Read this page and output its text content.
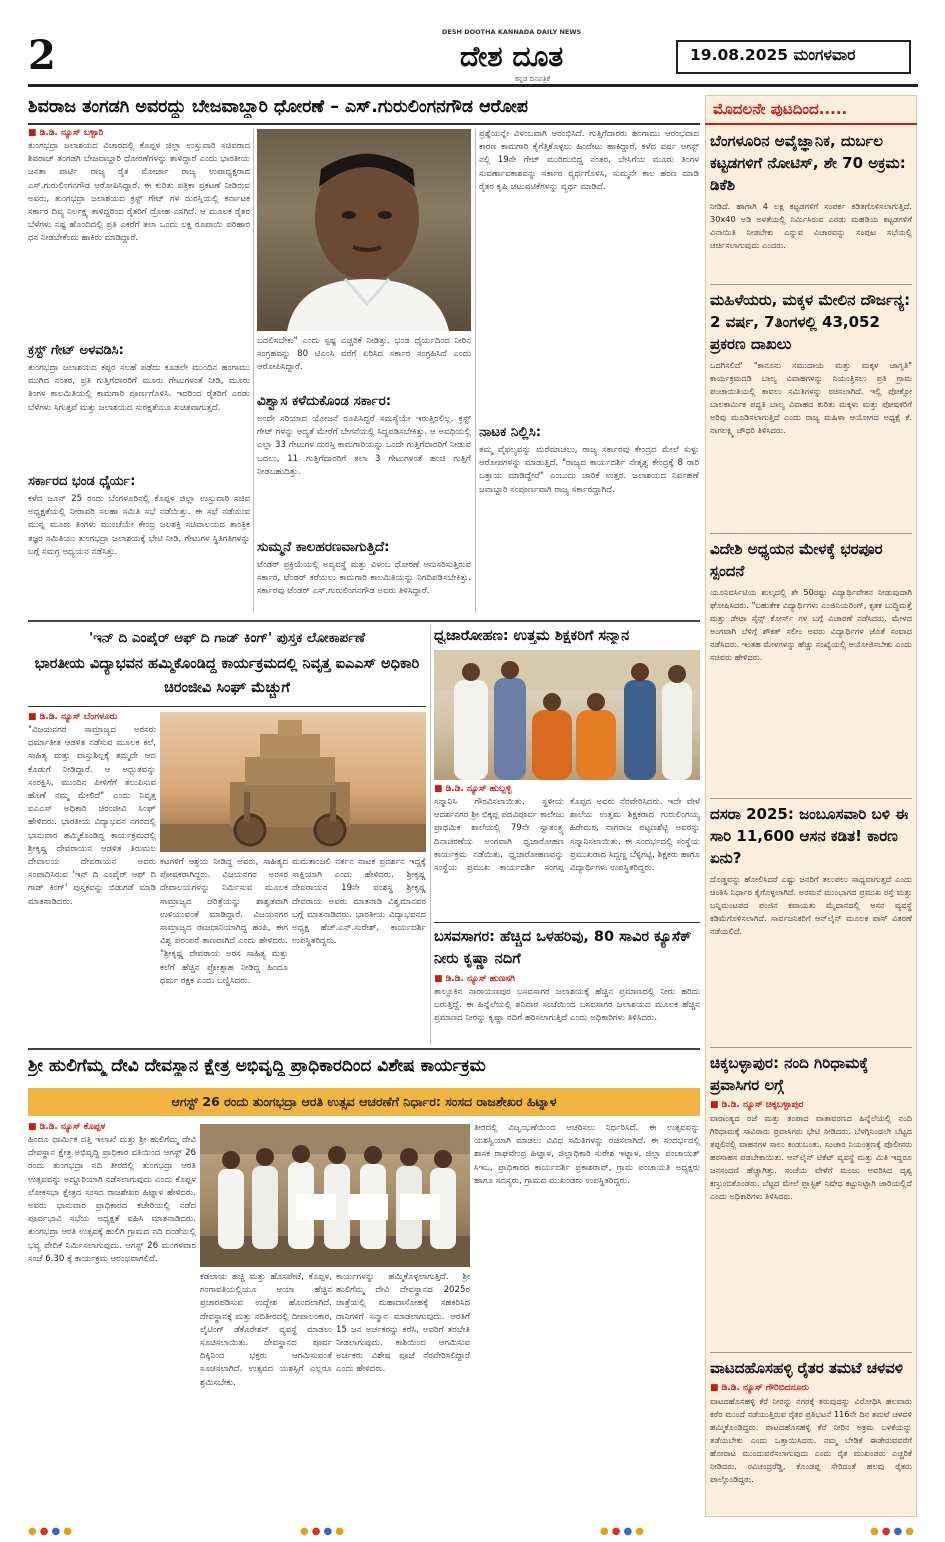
2	DESH DOOTHA KANNADA DAILY NEWS
ದೇಶ ದೂತ
ಕನ್ನಡ ದಿನಪತ್ರಿಕೆ
19.08.2025 ಮಂಗಳವಾರ
ಶಿವರಾಜ ತಂಗಡಗಿ ಅವರದ್ದು ಬೇಜವಾಬ್ದಾರಿ ಧೋರಣೆ – ಎಸ್.ಗುರುಲಿಂಗನಗೌಡ ಆರೋಪ
■ ಡಿ.ಡಿ. ನ್ಯೂಸ್ ಬಳ್ಳಾರಿ
ತುಂಗಭದ್ರಾ ಜಲಾಶಯದ ವಿಚಾರದಲ್ಲಿ ಕೊಪ್ಪಳ ಜಿಲ್ಲಾ ಉಸ್ತುವಾರಿ ಸಚಿವರಾದ ಶಿವರಾಜ್ ತಂಗಡಗಿ ಬೇಜವಾಬ್ದಾರಿ ಧೋರಣೆಗಳನ್ನು ತಾಳಿದ್ದಾರೆ ಎಂದು ಭಾರತೀಯ ಜನತಾ ಪಾರ್ಟಿ ರಾಜ್ಯ ರೈತ ಮೋರ್ಚಾ ರಾಜ್ಯ ಉಪಾಧ್ಯಕ್ಷರಾದ ಎಸ್.ಗುರುಲಿಂಗನಗೌಡ ಆರೋಪಿಸಿದ್ದಾರೆ. ಈ ಕುರಿತು ಪತ್ರಿಕಾ ಪ್ರಕಟಣೆ ನೀಡಿರುವ ಅವರು, ತುಂಗಭದ್ರಾ ಜಲಾಶಯದ ಕ್ರಸ್ಟ್ ಗೇಟ್ ಗಳ ದುರಸ್ತಿಯಲ್ಲಿ ಕರ್ನಾಟಕ ಸರ್ಕಾರ ದಿವ್ಯ ನಿರ್ಲಕ್ಷ್ಯ ತಾಳಿದ್ದರಿಂದ ರೈತರಿಗೆ ದ್ರೋಹ ಎಸಗಿದೆ. ಆ ಮೂಲಕ ರೈತರ ಬೆಳೆಗಳು ನಷ್ಟ ಹೊಂದಿದಲ್ಲಿ ಪ್ರತಿ ಎಕರೆಗೆ ತಲಾ ಒಂದು ಲಕ್ಷ ರೂಪಾಯಿ ಪರಿಹಾರ ಧನ ನೀಡಬೇಕೆಂದು ಹಾಕಿರು ಮಾಡಿದ್ದಾರೆ.
ಕ್ರಸ್ಟ್ ಗೇಟ್ ಅಳವಡಿಸಿ:
ತುಂಗಭದ್ರಾ ಜಲಾಶಯದ ಕಪ್ಪರ ಸಲಹೆ ಪಡೆದು ಕೂಡಲೇ ಮುಂದಿನ ಹಂಗಾಮು ಮುಗಿದ ನಂತರ, ಪ್ರತಿ ಗುತ್ತಿಗೆದಾರರಿಗೆ ಮೂರು ಗೇಟುಗಳಂತೆ ನೀಡಿ, ಮೂರು ತಿಂಗಳ ಕಾಲಮಿತಿಯಲ್ಲಿ ಕಾಮಗಾರಿ ಪೂರ್ಣಗೊಳಿಸಿ. ಇದರಿಂದ ರೈತರಿಗೆ ಎರಡು ಬೆಳೆಗಳು ಸಿಗುತ್ತವೆ ಮತ್ತು ಜಲಾಶಯದ ಸುರಕ್ಷತೆಯೂ ಖಚಿತವಾಗುತ್ತದೆ.
ಸರ್ಕಾರದ ಭಂಡ ಧೈರ್ಯ:
ಕಳೆದ ಜೂನ್ 25 ರಂದು ಬೆಂಗಳೂರಿನಲ್ಲಿ ಕೊಪ್ಪಳ ಜಿಲ್ಲಾ ಉಸ್ತುವಾರಿ ಸಚಿವ ಅಧ್ಯಕ್ಷತೆಯಲ್ಲಿ ನೀರಾವರಿ ಸಲಹಾ ಸಮಿತಿ ಸಭೆ ನಡೆಯಿತ್ತು. ಈ ಸಭೆ ನಡೆಯುವ ಮುನ್ನ ಮೂರು ತಿಂಗಳು ಮುಂಚೆಯೇ ಕೇಂದ್ರ ಜಲಶಕ್ತಿ ಸಚಿವಾಲಯದ ತಾಂತ್ರಿಕ ತಜ್ಞರ ಸಮಿತಿಯು ತುಂಗಭದ್ರಾ ಜಲಾಶಯಕ್ಕೆ ಭೇಟಿ ನೀಡಿ, ಗೇಟುಗಳ ಸ್ಥಿತಿಗತಿಗಳನ್ನು ಬಗ್ಗೆ ಸಮಗ್ರ ಅಧ್ಯಯನ ನಡೆಸಿತ್ತು.
ಬದಲಿಸಬೇಕು" ಎಂದು ಸ್ಪಷ್ಟ ಎಚ್ಚರಿಕೆ ನೀಡಿತ್ತು. ಭಂಡ ಧೈರ್ಯದಿಂದ ನೀರಿನ ಸಂಗ್ರಹವನ್ನು 80 ಟಿಎಂಸಿ ವರೆಗೆ ಏರಿಸಿದ ಸರ್ಕಾರ ಸಂಗ್ರಹಿಸಿದೆ ಎಂದು ಆರೋಪಿಸಿದ್ದಾರೆ.
ವಿಶ್ವಾಸ ಕಳೆದುಕೊಂಡ ಸರ್ಕಾರ:
ಅಂದೇ ಸರಿಯಾದ ಯೋಜನೆ ರೂಪಿಸಿದ್ದರೆ ಸಮಸ್ಯೆಯೇ ಇರುತ್ತಿರಲಿಲ್ಲ. ಕ್ರಸ್ಟ್ ಗೇಟ್ ಗಳನ್ನು ಆದ್ಯತೆ ಮೇರೆಗೆ ಬೇಗನೆಯಲ್ಲಿ ಸಿದ್ಧಪಡಿಸಬೇಕಿತ್ತು. ಆ ಅವಧಿಯಲ್ಲಿ ಎಲ್ಲಾ 33 ಗೇಟುಗಳ ದುರಸ್ತಿ ಕಾಮಗಾರಿಯನ್ನು ಒಂದೇ ಗುತ್ತಿಗೆದಾರರಿಗೆ ನೀಡುವ ಬದಲು, 11 ಗುತ್ತಿಗೆದಾರರಿಗೆ ತಲಾ 3 ಗೇಟುಗಳಂತೆ ಹಂಚಿ ಗುತ್ತಿಗೆ ನೀಡಬಹುದಿತ್ತು.
ಸುಮ್ಮನೆ ಕಾಲಹರಣವಾಗುತ್ತಿದೆ:
ಟೆಂಡರ್ ಪ್ರಕ್ರಿಯೆಯಲ್ಲಿ ಅವ್ಯವಸ್ಥೆ ಮತ್ತು ವಿಳಂಬ ಧೋರಣೆ ಅನುಸರಿಸುತ್ತಿರುವ ಸರ್ಕಾರ, ಟೆಂಡರ್ ಕರೆಯಲು ಕಾಮಗಾರಿ ಕಾಲಮಿತಿಯನ್ನು ನಿಗದಿಪಡಿಸಬೇಕಿತ್ತು. ಸರ್ಕಾರವು ಟೆಂಡರ್ ಎಸ್.ಗುರುಲಿಂಗನಗೌಡ ಅವರು ತಿಳಿಸಿದ್ದಾರೆ.
ಪ್ರಶ್ನೆಯನ್ನೇ ವಿಳಂಬವಾಗಿ ಆರಂಭಿಸಿದೆ. ಗುತ್ತಿಗೆದಾರರು ಹಂಗಾಮು ಆರಂಭವಾದ ಕಾರಣ ಕಾಮಗಾರಿ ಕೈಗೆತ್ತಿಕೊಳ್ಳಲು ಹಿಂದೇಟು ಹಾಕಿದ್ದಾರೆ. ಕಳೆದ ವರ್ಷ ಆಗಸ್ಟ್ ನಲ್ಲಿ 19ನೇ ಗೇಟ್ ಮುರಿದುಬಿದ್ದ ನಂತರ, ಬೇಸಿಗೆಯ ಮೂರು ತಿಂಗಳ ಸುವರ್ಣಾವಕಾಶವನ್ನು ಸರ್ಕಾರ ವ್ಯರ್ಥಗೊಳಿಸಿ, ಸುಮ್ಮನೇ ಕಾಲ ಹರಣ ಮಾಡಿ ರೈತರ ಕೃಷಿ ಚಟುವಟಿಕೆಗಳನ್ನು ವ್ಯರ್ಥ ಮಾಡಿದೆ.
ನಾಟಕ ನಿಲ್ಲಿಸಿ:
ತಮ್ಮ ವೈಫಲ್ಯವನ್ನು ಮರೆಮಾಚಲು, ರಾಜ್ಯ ಸರ್ಕಾರವು ಕೇಂದ್ರದ ಮೇಲೆ ಸುಳ್ಳು ಆರೋಪಗಳನ್ನು ಮಾಡುತ್ತಿದೆ. "ರಾಜ್ಯದ ಕಾರ್ಯದರ್ಶಿ ನೇತೃತ್ವ ಕೇಂದ್ರಕ್ಕೆ 8 ರಾರಿ ಒತ್ತಾಯ ಮಾಡಿದ್ದೇವೆ" ಎಂಬುದು ಜಾರಿಕೆ ಉತ್ತರ. ಜಲಾಶಯದ ನಿರ್ವಹಣೆ ಜವಾಬ್ದಾರಿ ಸಂಪೂರ್ಣವಾಗಿ ರಾಜ್ಯ ಸರ್ಕಾರದ್ದಾಗಿದೆ.
ಮೊದಲನೇ ಪುಟದಿಂದ.....
ಬೆಂಗಳೂರಿನ ಅವೈಜ್ಞಾನಿಕ, ದುರ್ಬಲ ಕಟ್ಟಡಗಳಿಗೆ ನೋಟಿಸ್, ಶೇ 70 ಅಕ್ರಮ: ಡಿಕೆಶಿ
ನೀಡಿದೆ. ಹಾಗಾಗಿ 4 ಲಕ್ಷ ಕಟ್ಟಡಗಳಿಗೆ ಸಂಪರ್ಕ ಕಡಿತಗೊಳಿಸಲಾಗುತ್ತಿದೆ. 30x40 ಅಡಿ ಅಳತೆಯಲ್ಲಿ ನಿರ್ಮಿಸಿರುವ ಎರಡು ಮಹಡಿಯ ಕಟ್ಟಡಗಳಿಗೆ ವಿನಾಯಿತಿ ನೀಡಬೇಕು ಎನ್ನುವ ವಿಚಾರವನ್ನು ಸಂಪುಟ ಸಭೆಯಲ್ಲಿ ಚರ್ಚಿಸಲಾಗುವುದು ಎಂದರು.
ಮಹಿಳೆಯರು, ಮಕ್ಕಳ ಮೇಲಿನ ದೌರ್ಜನ್ಯ: 2 ವರ್ಷ, 7ತಿಂಗಳಲ್ಲಿ 43,052 ಪ್ರಕರಣ ದಾಖಲು
ಒದಗಿಸಲಿದೆ' "ಕಾನೂನು ಸಮುದಾಯ ಮತ್ತು ಮಕ್ಕಳ ಜಾಗೃತಿ" ಕಾರ್ಯಕ್ರಮದಡಿ ಬಾಲ್ಯ ವಿವಾಹಗಳನ್ನು ನಿಯಂತ್ರಿಸಲು ಪ್ರತಿ ಗ್ರಾಮ ಪಂಚಾಯಿತಿಯಲ್ಲಿ ಕಾವಲು ಸಮಿತಿಗಳನ್ನು ರಚಿಸಲಾಗಿದೆ. ಇಲ್ಲಿ ಪೋಕ್ಸೋ ಬಾಲಕಾರ್ಮಿಕ ಪದ್ಧತಿ ಬಾಲ್ಯ ವಿವಾಹದ ಕುರಿತು ಮಕ್ಕಳು ಮತ್ತು ಪೋಷಕರಿಗೆ ಅರಿವು ಮೂಡಿಸಲಾಗುತ್ತಿದೆ ಎಂದು ರಾಜ್ಯ ಮಹಿಳಾ ಆಯೋಗದ ಅಧ್ಯಕ್ಷೆ ಕೆ. ನಾಗಲಕ್ಷ್ಮಿ ಚೌಧರಿ ತಿಳಿಸಿದರು.
ವಿದೇಶಿ ಅಧ್ಯಯನ ಮೇಳಕ್ಕೆ ಭರಪೂರ ಸ್ಪಂದನೆ
ಯೂನಿವರ್ಸಿಟಿಯ ಶುಲ್ಕದಲ್ಲಿ ಶೇ 50ರಷ್ಟು ವಿದ್ಯಾರ್ಥಿವೇತನ ನೀಡುವುದಾಗಿ ಘೋಷಿಸಿದರು. "ಬಹುತೇಕ ವಿದ್ಯಾರ್ಥಿಗಳು ಎಂಜಿನಿಯರಿಂಗ್, ಕೃತಕ ಬುದ್ಧಿಮತ್ತೆ ಮತ್ತು ಡೇಟಾ ಸೈನ್ಸ್ ಕೋರ್ಸ್ ಗಳ ಬಗ್ಗೆ ವಿಚಾರಣೆ ನಡೆಸಿದರು. ಮೇಳದ ಅಂಗವಾಗಿ ಬೆಳಿಗ್ಗೆ ಶೌಕತ್ ಸಲೀಂ ಅವರು ವಿದ್ಯಾರ್ಥಿಗಳ ಜೊತೆ ಸಂವಾದ ನಡೆಸಿದರು. ಇಂತಹ ಮೇಳಗಳನ್ನು ಹೆಚ್ಚು ಸಂಖ್ಯೆಯಲ್ಲಿ ಆಯೋಜಿಸಬೇಕು ಎಂದು ಸಚಿವರು ಹೇಳಿದರು.
ದಸರಾ 2025: ಜಂಬೂಸವಾರಿ ಬಳಿ ಈ ಸಾರಿ 11,600 ಆಸನ ಕಡಿತ! ಕಾರಣ ಏನು?
ದೊಡ್ಡವನ್ನು ಹೋಲಿಸಿದರೆ ಎಷ್ಟು ಜನರಿಗೆ ತಲುಪಲು ಸಾಧ್ಯವಾಗುತ್ತದೆ ಎಂದು ಚಿಂತಿಸಿ ನಿರ್ಧಾರ ಕೈಗೊಳ್ಳಲಾಗಿದೆ. ಅರಮನೆ ಮುಂಭಾಗದ ಪ್ರಮುಖ ರಸ್ತೆ ಮತ್ತು ಬನ್ನಿಮಂಟಪದ ಪಂಜಿನ ಕವಾಯತು ಮೈದಾನದಲ್ಲಿ ಆಸನ ವ್ಯವಸ್ಥೆ ಕಡಿಮೆಗೊಳಿಸಲಾಗಿದೆ. ಸಾರ್ವಜನಿಕರಿಗೆ ಆನ್‌ಲೈನ್ ಮೂಲಕ ಪಾಸ್ ವಿತರಣೆ ನಡೆಯಲಿದೆ.
ಚಿಕ್ಕಬಳ್ಳಾಪುರ: ನಂದಿ ಗಿರಿಧಾಮಕ್ಕೆ ಪ್ರವಾಸಿಗರ ಲಗ್ಗೆ
■ ಡಿ.ಡಿ. ನ್ಯೂಸ್ ಚಿಕ್ಕಬಳ್ಳಾಪುರ
ವಾರಾಂತ್ಯದ ರಜೆ ಮತ್ತು ತಂಪಾದ ವಾತಾವರಣದ ಹಿನ್ನೆಲೆಯಲ್ಲಿ ನಂದಿ ಗಿರಿಧಾಮಕ್ಕೆ ಸಾವಿರಾರು ಪ್ರವಾಸಿಗರು ಭೇಟಿ ನೀಡಿದರು. ಬೆಳಗ್ಗಿನಿಂದಲೇ ಬೆಟ್ಟದ ತಪ್ಪಲಿನಲ್ಲಿ ವಾಹನಗಳ ಸಾಲು ಕಂಡುಬಂತು. ಸಂಚಾರ ನಿಯಂತ್ರಣಕ್ಕೆ ಪೊಲೀಸರು ಹರಸಾಹಸ ಪಡಬೇಕಾಯಿತು. ಆನ್‌ಲೈನ್ ಟಿಕೆಟ್ ವ್ಯವಸ್ಥೆ ಮತ್ತು ಮಿತಿ ಇದ್ದರೂ ಜನಸಂದಣಿ ಹೆಚ್ಚಾಗಿತ್ತು. ಸಂಜೆಯ ವೇಳೆಗೆ ಮಂಜು ಆವರಿಸಿದ ದೃಶ್ಯ ಕಣ್ತುಂಬಿಕೊಂಡರು. ಬೆಟ್ಟದ ಮೇಲೆ ಪ್ಲಾಸ್ಟಿಕ್ ನಿಷೇಧ ಕಟ್ಟುನಿಟ್ಟಾಗಿ ಜಾರಿಯಲ್ಲಿದೆ ಎಂದು ಅಧಿಕಾರಿಗಳು ತಿಳಿಸಿದರು.
ವಾಟದಹೊಸಹಳ್ಳಿ ರೈತರ ತಮಟೆ ಚಳವಳಿ
■ ಡಿ.ಡಿ. ನ್ಯೂಸ್ ಗೌರಿಬಿದನೂರು
ವಾಟದಹೊಸಹಳ್ಳಿ ಕೆರೆ ನೀರನ್ನು ನಗರಕ್ಕೆ ತರುವುದನ್ನು ವಿರೋಧಿಸಿ ಹಲವಾರು ಕರೆರ ಮುಂದೆ ನಡೆಯುತ್ತಿರುವ ರೈತರ ಪ್ರತಿಭಟನೆ 116ನೇ ದಿನ ತಮಟೆ ಚಳವಳಿ ಹಮ್ಮಿಕೊಂಡಿದ್ದರು. ವಾಟದಹೊಸಹಳ್ಳಿ ಕೆರೆ ನೀರಿನ ಅಕ್ರಮ ಬಳಕೆಯನ್ನು ತಡೆಯಬೇಕು ಎಂದು ಒತ್ತಾಯಿಸಿದರು. ನಮ್ಮ ಬೇಡಿಕೆ ಈಡೇರುವವರೆಗೆ ಹೋರಾಟ ಮುಂದುವರೆಸಲಾಗುವುದು ಎಂದು ರೈತ ಮುಖಂಡರು ಎಚ್ಚರಿಕೆ ನೀಡಿದರು. ರವಿಚಂದ್ರರೆಡ್ಡಿ, ಕೊಂಡಪ್ಪ ಸೇರಿದಂತೆ ಹಲವು ರೈತರು ಪಾಲ್ಗೊಂಡಿದ್ದರು.
'ಇನ್ ದಿ ಎಂಪೈರ್ ಆಫ್ ದಿ ಗಾಡ್ ಕಿಂಗ್' ಪುಸ್ತಕ ಲೋಕಾರ್ಪಣೆ
ಭಾರತೀಯ ವಿದ್ಯಾಭವನ ಹಮ್ಮಿಕೊಂಡಿದ್ದ ಕಾರ್ಯಕ್ರಮದಲ್ಲಿ ನಿವೃತ್ತ ಐಎಎಸ್ ಅಧಿಕಾರಿ ಚಿರಂಜೀವಿ ಸಿಂಘ್ ಮೆಚ್ಚುಗೆ
■ ಡಿ.ಡಿ. ನ್ಯೂಸ್ ಬೆಂಗಳೂರು
"ವಿಜಯನಗರ ಸಾಮ್ರಾಜ್ಯದ ಅರಸರು ಧರ್ಮಾತೀತ ಆಡಳಿತ ನಡೆಸುವ ಮೂಲಕ ಕಲೆ, ಸಾಹಿತ್ಯ ಮತ್ತು ವಾಸ್ತುಶಿಲ್ಪಕ್ಕೆ ತಮ್ಮದೇ ಆದ ಕೊಡುಗೆ ನೀಡಿದ್ದಾರೆ. ಆ ಅದ್ಭುತವನ್ನು ಸಂರಕ್ಷಿಸಿ, ಮುಂದಿನ ಪೀಳಿಗೆಗೆ ತಲುಪಿಸುವ ಹೊಣೆ ನಮ್ಮ ಮೇಲಿದೆ" ಎಂದು ನಿವೃತ್ತ ಐಎಎಸ್ ಅಧಿಕಾರಿ ಚಿರಂಜೀವಿ ಸಿಂಘ್ ಹೇಳಿದರು. ಭಾರತೀಯ ವಿದ್ಯಾಭವನ ನಗರದಲ್ಲಿ ಭಾನುವಾರ ಹಮ್ಮಿಕೊಂಡಿದ್ದ ಕಾರ್ಯಕ್ರಮದಲ್ಲಿ ಶ್ರೀಕೃಷ್ಣ ದೇವರಾಯನ ಆಡಳಿತ ತಿರುಮಲ ದೇವಾಲಯ ದೇವರಾಯನ ಅವರು ಸಂಪಾದಿಸಿರುವ 'ಇನ್ ದಿ ಎಂಪೈರ್ ಆಫ್ ದಿ ಗಾಡ್ ಕಿಂಗ್' ಪುಸ್ತಕವನ್ನು ಬಿಡುಗಡೆ ಮಾಡಿ ಮಾತನಾಡಿದರು.
ಕಟಗಳಿಗೆ ಆಶ್ರಯ ನೀಡಿದ್ದ ಅವರು, ಸಾಹಿತ್ಯದ ಪೋಷಕರಾಗಿದ್ದರು. ವಿಜಯನಗರ ಅರಸರ ದೇವಾಲಯಗಳನ್ನು ನಿರ್ಮಿಸುವ ಮೂಲಕ ಸಾಮ್ರಾಜ್ಯದ ಚರಿತ್ರೆಯನ್ನು ಶಾಶ್ವತವಾಗಿ ಉಳಿಯುವಂತೆ ಮಾಡಿದ್ದಾರೆ. ವಿಜಯನಗರ ಸಾಮ್ರಾಜ್ಯದ ರಾಜಧಾನಿಯಾಗಿದ್ದ ಹಂಪಿ, ಈಗ ವಿಶ್ವ ಪರಂಪರೆ ತಾಣವಾಗಿದೆ ಎಂದು ಹೇಳಿದರು. "ಶ್ರೀಕೃಷ್ಣ ದೇವರಾಯ ಅರಸ ಸಾಹಿತ್ಯ ಮತ್ತು ಕಲೆಗೆ ಹೆಚ್ಚಿನ ಪ್ರೋತ್ಸಾಹ ನೀಡಿದ್ದ ಹಿಂದೂ ಧರ್ಮ ರಕ್ಷಕ ಎಂದು ಬಣ್ಣಿಸಿದರು.
ಮಮತಾಂಜಲಿ ನರ್ತನ ನಾಟಕ ಪ್ರದರ್ಶನ ಇದ್ದಕ್ಕೆ ಸಾಕ್ಷಿಯಾಗಿ ಎಂದು ಹೇಳಿದರು. ಶ್ರೀಕೃಷ್ಣ ದೇವರಾಯನ 19ನೇ ವಂಶಸ್ಥ ಶ್ರೀಕೃಷ್ಣ ದೇವರಾಯ ಅವರು ಮಾತನಾಡಿ ವಿಶ್ವಮಾನವರ ಬಗ್ಗೆ ಮಾತನಾಡಿದರು. ಭಾರತೀಯ ವಿದ್ಯಾಭವನದ ಅಧ್ಯಕ್ಷ ಹೆಚ್.ಎನ್.ಸುರೇಶ್, ಕಾರ್ಯದರ್ಶಿ ಉಪಸ್ಥಿತರಿದ್ದರು.
ಧ್ವಜಾರೋಹಣ: ಉತ್ತಮ ಶಿಕ್ಷಕರಿಗೆ ಸನ್ಮಾನ
■ ಡಿ.ಡಿ. ನ್ಯೂಸ್ ಹುಬ್ಬಳ್ಳಿ
ಸನ್ಮಾನಿಸಿ ಗೌರವಿಸಲಾಯಿತು. ಸ್ಥಳೀಯ ಆದರ್ಶನಗರ ಶ್ರೀ ಬಿಕ್ಕಪ್ಪ ಪದವಿಪೂರ್ವ ಕಾಲೇಜು ಪ್ರಾಥಮಿಕ ಶಾಲೆಯಲ್ಲಿ 79ನೇ ಸ್ವಾತಂತ್ರ್ಯ ದಿನಾಚರಣೆಯ ಅಂಗವಾಗಿ ಧ್ವಜಾರೋಹಣ ಕಾರ್ಯಕ್ರಮ ನಡೆಯಿತು. ಧ್ವಜಾರೋಹಣವನ್ನು ಸಂಸ್ಥೆಯ ಪ್ರಮುಖ ಕಾರ್ಯದರ್ಶಿ ಸಂಗಪ್ಪ ಕೊಪ್ಪದ ಅವರು ನೆರವೇರಿಸಿದರು. ಇದೇ ವೇಳೆ ಶಾಲೆಯ ಉತ್ತಮ ಶಿಕ್ಷಕರಾದ ಗುರುಲಿಂಗಯ್ಯ ಹಿರೇಮಠ, ನಾಗರಾಜ ಪಟ್ಟಣಶೆಟ್ಟಿ ಅವರನ್ನು ಸನ್ಮಾನಿಸಲಾಯಿತು. ಈ ಸಂದರ್ಭದಲ್ಲಿ ಸಂಸ್ಥೆಯ ಪ್ರಮುಖರಾದ ಸಿದ್ದಣ್ಣ ಬೆಳ್ಳಿಗಟ್ಟಿ, ಶಿಕ್ಷಕರು ಹಾಗೂ ವಿದ್ಯಾರ್ಥಿಗಳು ಉಪಸ್ಥಿತರಿದ್ದರು.
ಬಸವಸಾಗರ: ಹೆಚ್ಚಿದ ಒಳಹರಿವು, 80 ಸಾವಿರ ಕ್ಯೂಸೆಕ್ ನೀರು ಕೃಷ್ಣಾ ನದಿಗೆ
■ ಡಿ.ಡಿ. ನ್ಯೂಸ್ ಹುಣಸಗಿ
ತಾಲ್ಲೂಕಿನ ನಾರಾಯಣಪುರ ಬಸವಸಾಗರ ಜಲಾಶಯಕ್ಕೆ ಹೆಚ್ಚಿನ ಪ್ರಮಾಣದಲ್ಲಿ ನೀರು ಹರಿದು ಬರುತ್ತಿದ್ದೆ. ಈ ಹಿನ್ನೆಲೆಯಲ್ಲಿ ಶನಿವಾರ ಸಂಜೆಯಿಂದ ಬಸವಸಾಗರ ಜಲಾಶಯದ ಮೂಲಕ ಹೆಚ್ಚಿನ ಪ್ರಮಾಣದ ನೀರನ್ನು ಕೃಷ್ಣಾ ನದಿಗೆ ಹರಿಸಲಾಗುತ್ತಿದೆ ಎಂದು ಅಧಿಕಾರಿಗಳು ತಿಳಿಸಿದರು.
ಶ್ರೀ ಹುಲಿಗೆಮ್ಮ ದೇವಿ ದೇವಸ್ಥಾನ ಕ್ಷೇತ್ರ ಅಭಿವೃದ್ಧಿ ಪ್ರಾಧಿಕಾರದಿಂದ ವಿಶೇಷ ಕಾರ್ಯಕ್ರಮ
ಆಗಸ್ಟ್ 26 ರಂದು ತುಂಗಭದ್ರಾ ಆರತಿ ಉತ್ಸವ ಆಚರಣೆಗೆ ನಿರ್ಧಾರ: ಸಂಸದ ರಾಜಶೇಖರ ಹಿಟ್ನಾಳ
■ ಡಿ.ಡಿ. ನ್ಯೂಸ್ ಕೊಪ್ಪಳ
ಹಿಂದೂ ಧಾರ್ಮಿಕ ದತ್ತಿ ಇಲಾಖೆ ಮತ್ತು ಶ್ರೀ ಹುಲಿಗೆಮ್ಮ ದೇವಿ ದೇವಸ್ಥಾನ ಕ್ಷೇತ್ರ ಅಭಿವೃದ್ಧಿ ಪ್ರಾಧಿಕಾರ ವತಿಯಿಂದ ಆಗಸ್ಟ್ 26 ರಂದು ತುಂಗಭದ್ರಾ ನದಿ ತೀರದಲ್ಲಿ ತುಂಗಭದ್ರಾ ಆರತಿ ಉತ್ಸವವನ್ನು ಅದ್ದೂರಿಯಾಗಿ ನಡೆಸಲಾಗುವುದು ಎಂದು ಕೊಪ್ಪಳ ಲೋಕಸಭಾ ಕ್ಷೇತ್ರದ ಸಂಸದ ರಾಜಶೇಖರ ಹಿಟ್ನಾಳ ಹೇಳಿದರು. ಅವರು ಭಾನುವಾರ ಪ್ರಾಧಿಕಾರದ ಕಚೇರಿಯಲ್ಲಿ ನಡೆದ ಪೂರ್ವಭಾವಿ ಸಭೆಯ ಅಧ್ಯಕ್ಷತೆ ವಹಿಸಿ ಮಾತನಾಡಿದರು. ತುಂಗಭದ್ರಾ ಆರತಿ ಉತ್ಸವಕ್ಕೆ ಹುಲಿಗಿ ಗ್ರಾಮದ ನದಿ ದಂಡೆಯಲ್ಲಿ ಭವ್ಯ ವೇದಿಕೆ ನಿರ್ಮಿಸಲಾಗುವುದು. ಆಗಸ್ಟ್ 26 ಮಂಗಳವಾರ ಸಂಜೆ 6.30 ಕ್ಕೆ ಕಾರ್ಯಕ್ರಮ ಆರಂಭವಾಗಲಿದೆ.
ಕಡಲಾಯ ಹಚ್ಚಿ ಮತ್ತು ಹೊಸಪೇಟೆ, ಕೊಪ್ಪಳ, ಗಂಗಾವತಿಯಲ್ಲಿಯೂ ಆಯಾ ಹೆಚ್ಚಿನ ಪ್ರಚಾರಪಡಿಸುವ ಉದ್ದೇಶ ಹೊಂದಲಾಗಿದೆ. ದೇವಸ್ಥಾನಕ್ಕೆ ಮತ್ತು ನದಿತೀರದಲ್ಲಿ ದೀಪಾಲಂಕಾರ, ಲೈಟಿಂಗ್ ಡೆಕೊರೇಶನ್ ವ್ಯವಸ್ಥೆ ಮಾಡಲು ಸೂಚಿಸಲಾಯಿತು. ದೇವಸ್ಥಾನದ ಪೂರ್ವ ದಿಕ್ಕಿನಿಂದ ಭಕ್ತರು ಆಗಮಿಸುವಂತೆ ಸೂಚಿಸಲಾಗಿದೆ. ಉತ್ಸವದ ಯಶಸ್ಸಿಗೆ ಎಲ್ಲರೂ ಶ್ರಮಿಸಬೇಕು.
ಕಾರ್ಯಗಳನ್ನು ಹಮ್ಮಿಕೊಳ್ಳಲಾಗುತ್ತಿದೆ. ಶ್ರೀ ಹುಲಿಗೆಮ್ಮ ದೇವಿ ದೇವಸ್ಥಾನದ 2025ರ ಜಾತ್ರೆಯಲ್ಲಿ ಮಹಾದಾಸೋಹಕ್ಕೆ ಸಹಕರಿಸಿದ ದಾನಿಗಳಿಗೆ ಸನ್ಮಾನ ಮಾಡಲಾಗುವುದು. ಆರತಿಗೆ 15 ಜನ ಅರ್ಚಕರನ್ನು ಕರೆಸಿ, ಅವರಿಗೆ ತರಬೇತಿ ನೀಡಲಾಗುವುದು. ಕಾಶಿಯಿಂದ ಆಗಮಿಸುವ ಅರ್ಚಕರು ವಿಶೇಷ ಪೂಜೆ ನೆರವೇರಿಸಲಿದ್ದಾರೆ ಎಂದು ಹೇಳಿದರು.
ತೀರದಲ್ಲಿ ವಿಜೃಂಭಣೆಯಿಂದ ಆಚರಿಸಲು ನಿರ್ಧರಿಸಿದೆ. ಈ ಉತ್ಸವವನ್ನು ಯಶಸ್ವಿಯಾಗಿ ಮಾಡಲು ವಿವಿಧ ಸಮಿತಿಗಳನ್ನು ರಚಿಸಲಾಗಿದೆ. ಈ ಸಂದರ್ಭದಲ್ಲಿ ಶಾಸಕ ರಾಘವೇಂದ್ರ ಹಿಟ್ನಾಳ, ಜಿಲ್ಲಾಧಿಕಾರಿ ಸುರೇಶ ಇಟ್ನಾಳ, ಜಿಲ್ಲಾ ಪಂಚಾಯತ್ ಸಿಇಒ, ಪ್ರಾಧಿಕಾರದ ಕಾರ್ಯದರ್ಶಿ ಪ್ರಕಾಶರಾವ್, ಗ್ರಾಮ ಪಂಚಾಯತಿ ಅಧ್ಯಕ್ಷರು ಹಾಗೂ ಸದಸ್ಯರು, ಗ್ರಾಮದ ಮುಖಂಡರು ಉಪಸ್ಥಿತರಿದ್ದರು.
●●●●	●●●●	●●●●	●●●●
